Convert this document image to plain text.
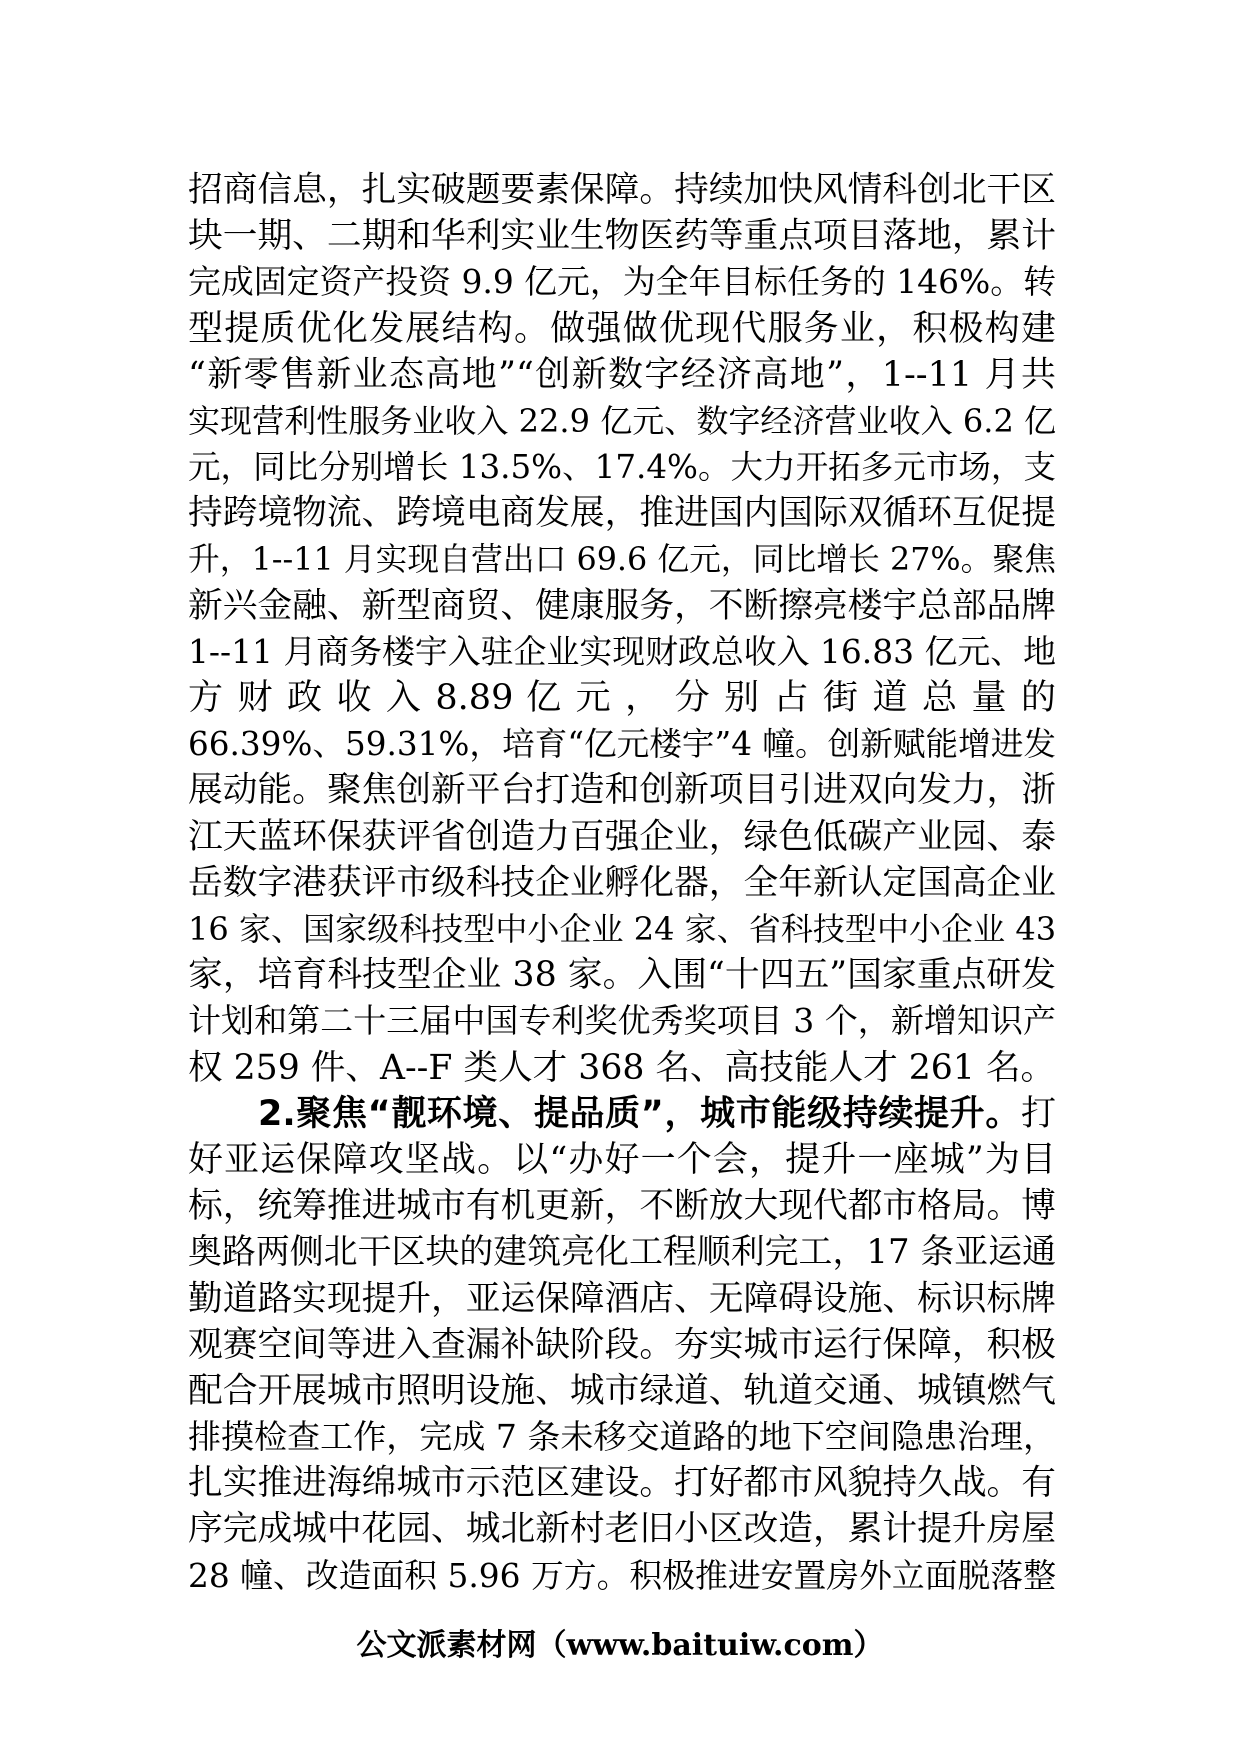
招商信息，扎实破题要素保障。持续加快风情科创北干区
块一期、二期和华利实业生物医药等重点项目落地，累计
完成固定资产投资 9.9 亿元，为全年目标任务的 146%。转
型提质优化发展结构。做强做优现代服务业，积极构建
“新零售新业态高地”“创新数字经济高地”，1--11 月共
实现营利性服务业收入 22.9 亿元、数字经济营业收入 6.2 亿
元，同比分别增长 13.5%、17.4%。大力开拓多元市场，支
持跨境物流、跨境电商发展，推进国内国际双循环互促提
升，1--11 月实现自营出口 69.6 亿元，同比增长 27%。聚焦
新兴金融、新型商贸、健康服务，不断擦亮楼宇总部品牌
1--11 月商务楼宇入驻企业实现财政总收入 16.83 亿元、地
方 财 政 收 入 8.89 亿 元 ， 分 别 占 街 道 总 量 的
66.39%、59.31%，培育“亿元楼宇”4 幢。创新赋能增进发
展动能。聚焦创新平台打造和创新项目引进双向发力，浙
江天蓝环保获评省创造力百强企业，绿色低碳产业园、泰
岳数字港获评市级科技企业孵化器，全年新认定国高企业
16 家、国家级科技型中小企业 24 家、省科技型中小企业 43
家，培育科技型企业 38 家。入围“十四五”国家重点研发
计划和第二十三届中国专利奖优秀奖项目 3 个，新增知识产
权 259 件、A--F 类人才 368 名、高技能人才 261 名。
2.聚焦“靓环境、提品质”，城市能级持续提升。打
好亚运保障攻坚战。以“办好一个会，提升一座城”为目
标，统筹推进城市有机更新，不断放大现代都市格局。博
奥路两侧北干区块的建筑亮化工程顺利完工，17 条亚运通
勤道路实现提升，亚运保障酒店、无障碍设施、标识标牌
观赛空间等进入查漏补缺阶段。夯实城市运行保障，积极
配合开展城市照明设施、城市绿道、轨道交通、城镇燃气
排摸检查工作，完成 7 条未移交道路的地下空间隐患治理，
扎实推进海绵城市示范区建设。打好都市风貌持久战。有
序完成城中花园、城北新村老旧小区改造，累计提升房屋
28 幢、改造面积 5.96 万方。积极推进安置房外立面脱落整
公文派素材网（www.baituiw.com）
